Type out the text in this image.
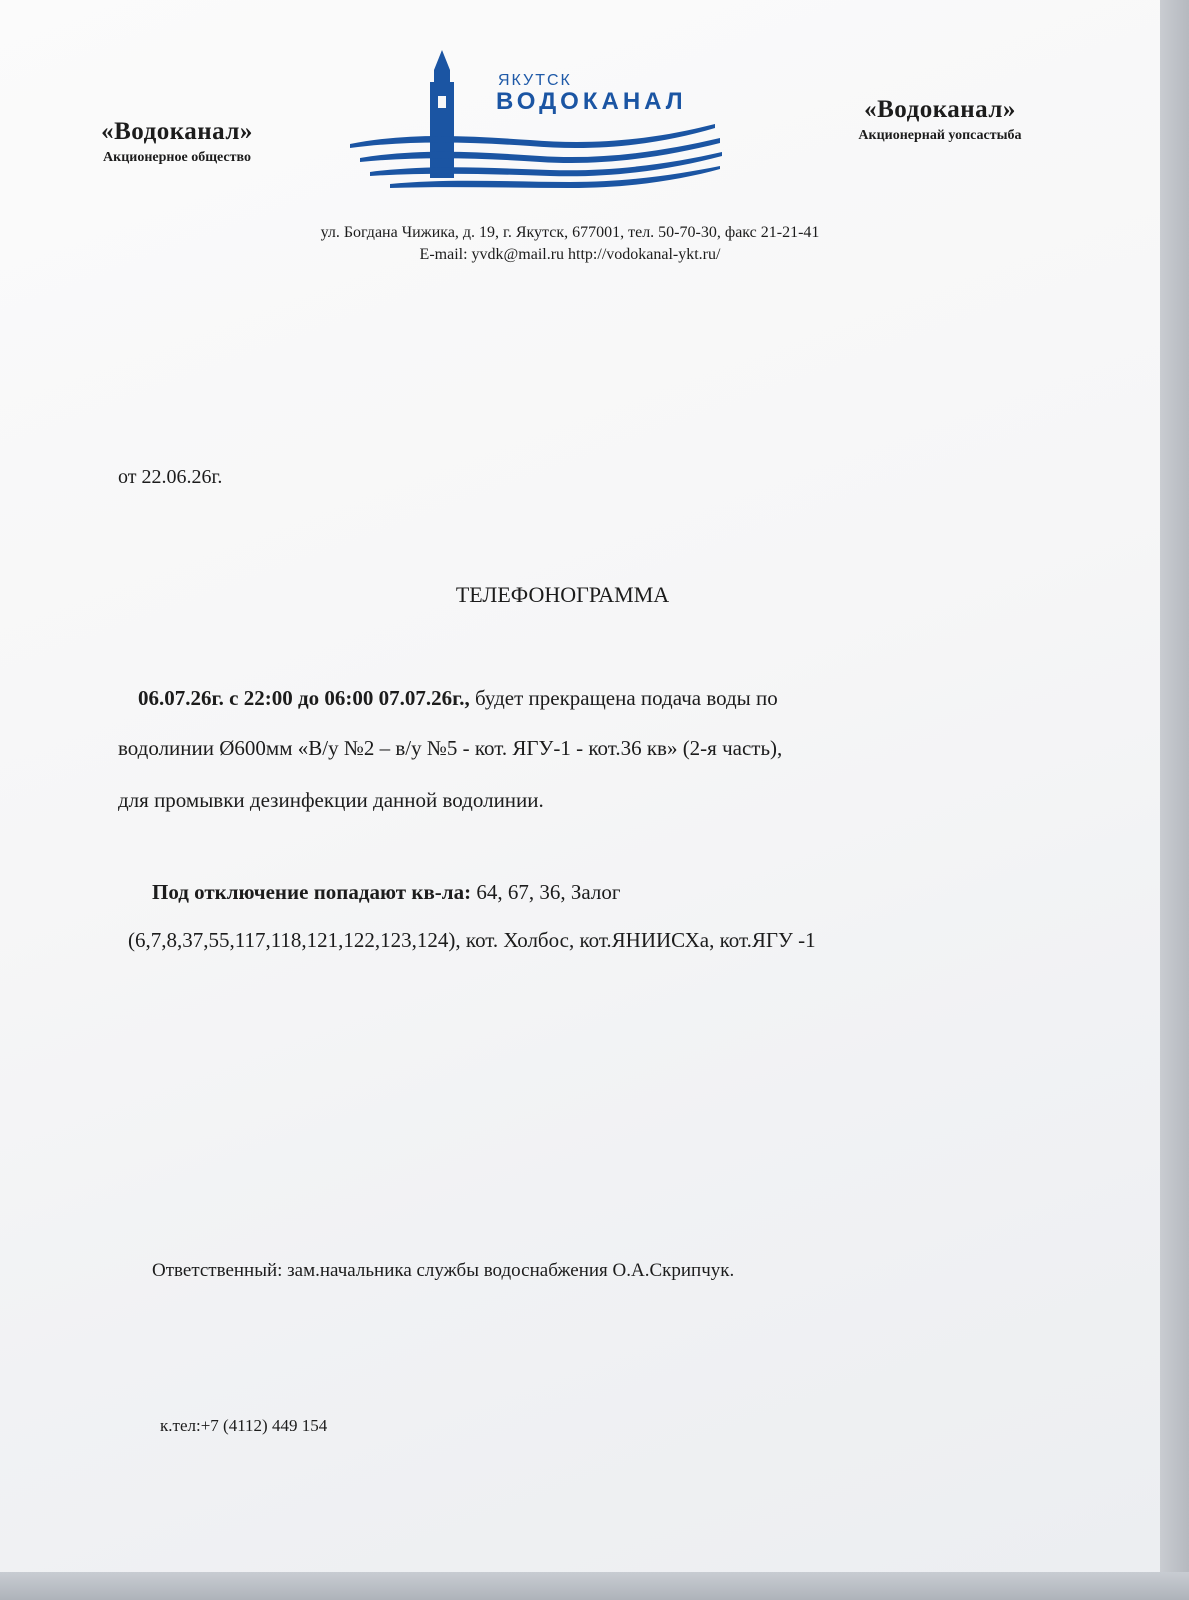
«Водоканал»
Акционерное общество
ЯКУТСК
ВОДОКАНАЛ	«Водоканал»
Акционернай уопсастыба
ул. Богдана Чижика, д. 19, г. Якутск, 677001, тел. 50-70-30, факс 21-21-41
E-mail: yvdk@mail.ru http://vodokanal-ykt.ru/
от 22.06.26г.
ТЕЛЕФОНОГРАММА
06.07.26г. с 22:00 до 06:00 07.07.26г., будет прекращена подача воды по
водолинии Ø600мм «В/у №2 – в/у №5 - кот. ЯГУ-1 - кот.36 кв» (2-я часть),
для промывки дезинфекции данной водолинии.
Под отключение попадают кв-ла: 64, 67, 36, Залог
(6,7,8,37,55,117,118,121,122,123,124), кот. Холбос, кот.ЯНИИСХа, кот.ЯГУ -1
Ответственный: зам.начальника службы водоснабжения О.А.Скрипчук.
к.тел:+7 (4112) 449 154
